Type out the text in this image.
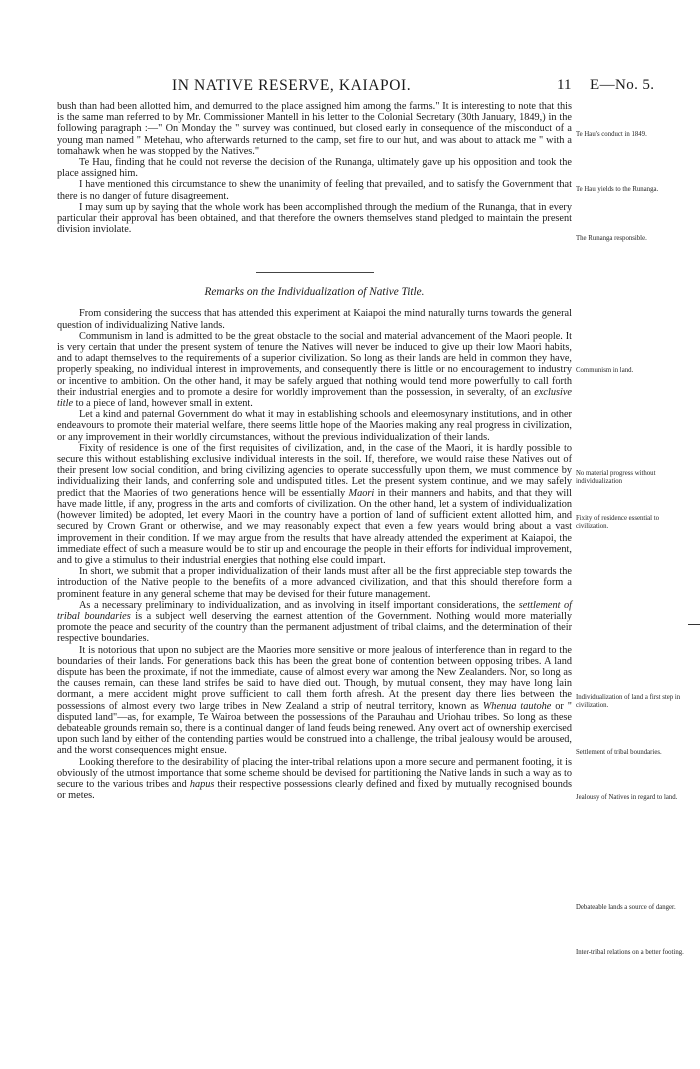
IN NATIVE RESERVE, KAIAPOI.	11 E—No. 5.

bush than had been allotted him, and demurred to the place assigned him among the farms." It is interesting to note that this is the same man referred to by Mr. Commissioner Mantell in his letter to the Colonial Secretary (30th January, 1849,) in the following paragraph :—" On Monday the " survey was continued, but closed early in consequence of the misconduct of a young man named " Metehau, who afterwards returned to the camp, set fire to our hut, and was about to attack me " with a tomahawk when he was stopped by the Natives."

Te Hau, finding that he could not reverse the decision of the Runanga, ultimately gave up his opposition and took the place assigned him.

I have mentioned this circumstance to shew the unanimity of feeling that prevailed, and to satisfy the Government that there is no danger of future disagreement.

I may sum up by saying that the whole work has been accomplished through the medium of the Runanga, that in every particular their approval has been obtained, and that therefore the owners themselves stand pledged to maintain the present division inviolate.

Remarks on the Individualization of Native Title.

From considering the success that has attended this experiment at Kaiapoi the mind naturally turns towards the general question of individualizing Native lands.

Communism in land is admitted to be the great obstacle to the social and material advancement of the Maori people. It is very certain that under the present system of tenure the Natives will never be induced to give up their low Maori habits, and to adapt themselves to the requirements of a superior civilization. So long as their lands are held in common they have, properly speaking, no individual interest in improvements, and consequently there is little or no encouragement to industry or incentive to ambition. On the other hand, it may be safely argued that nothing would tend more powerfully to call forth their industrial energies and to promote a desire for worldly improvement than the possession, in severalty, of an exclusive title to a piece of land, however small in extent.

Let a kind and paternal Government do what it may in establishing schools and eleemosynary institutions, and in other endeavours to promote their material welfare, there seems little hope of the Maories making any real progress in civilization, or any improvement in their worldly circumstances, without the previous individualization of their lands.

Fixity of residence is one of the first requisites of civilization, and, in the case of the Maori, it is hardly possible to secure this without establishing exclusive individual interests in the soil. If, therefore, we would raise these Natives out of their present low social condition, and bring civilizing agencies to operate successfully upon them, we must commence by individualizing their lands, and conferring sole and undisputed titles. Let the present system continue, and we may safely predict that the Maories of two generations hence will be essentially Maori in their manners and habits, and that they will have made little, if any, progress in the arts and comforts of civilization. On the other hand, let a system of individualization (however limited) be adopted, let every Maori in the country have a portion of land of sufficient extent allotted him, and secured by Crown Grant or otherwise, and we may reasonably expect that even a few years would bring about a vast improvement in their condition. If we may argue from the results that have already attended the experiment at Kaiapoi, the immediate effect of such a measure would be to stir up and encourage the people in their efforts for individual improvement, and to give a stimulus to their industrial energies that nothing else could impart.

In short, we submit that a proper individualization of their lands must after all be the first appreciable step towards the introduction of the Native people to the benefits of a more advanced civilization, and that this should therefore form a prominent feature in any general scheme that may be devised for their future management.

As a necessary preliminary to individualization, and as involving in itself important considerations, the settlement of tribal boundaries is a subject well deserving the earnest attention of the Government. Nothing would more materially promote the peace and security of the country than the permanent adjustment of tribal claims, and the determination of their respective boundaries.

It is notorious that upon no subject are the Maories more sensitive or more jealous of interference than in regard to the boundaries of their lands. For generations back this has been the great bone of contention between opposing tribes. A land dispute has been the proximate, if not the immediate, cause of almost every war among the New Zealanders. Nor, so long as the causes remain, can these land strifes be said to have died out. Though, by mutual consent, they may have long lain dormant, a mere accident might prove sufficient to call them forth afresh. At the present day there lies between the possessions of almost every two large tribes in New Zealand a strip of neutral territory, known as Whenua tautohe or " disputed land"—as, for example, Te Wairoa between the possessions of the Parauhau and Uriohau tribes. So long as these debateable grounds remain so, there is a continual danger of land feuds being renewed. Any overt act of ownership exercised upon such land by either of the contending parties would be construed into a challenge, the tribal jealousy would be aroused, and the worst consequences might ensue.

Looking therefore to the desirability of placing the inter-tribal relations upon a more secure and permanent footing, it is obviously of the utmost importance that some scheme should be devised for partitioning the Native lands in such a way as to secure to the various tribes and hapus their respective possessions clearly defined and fixed by mutually recognised bounds or metes.

Te Hau's conduct in 1849.
Te Hau yields to the Runanga.
The Runanga responsible.
Communism in land.
No material progress without individualization
Fixity of residence essential to civilization.
Individualization of land a first step in civilization.
Settlement of tribal boundaries.
Jealousy of Natives in regard to land.
Debateable lands a source of danger.
Inter-tribal relations on a better footing.
